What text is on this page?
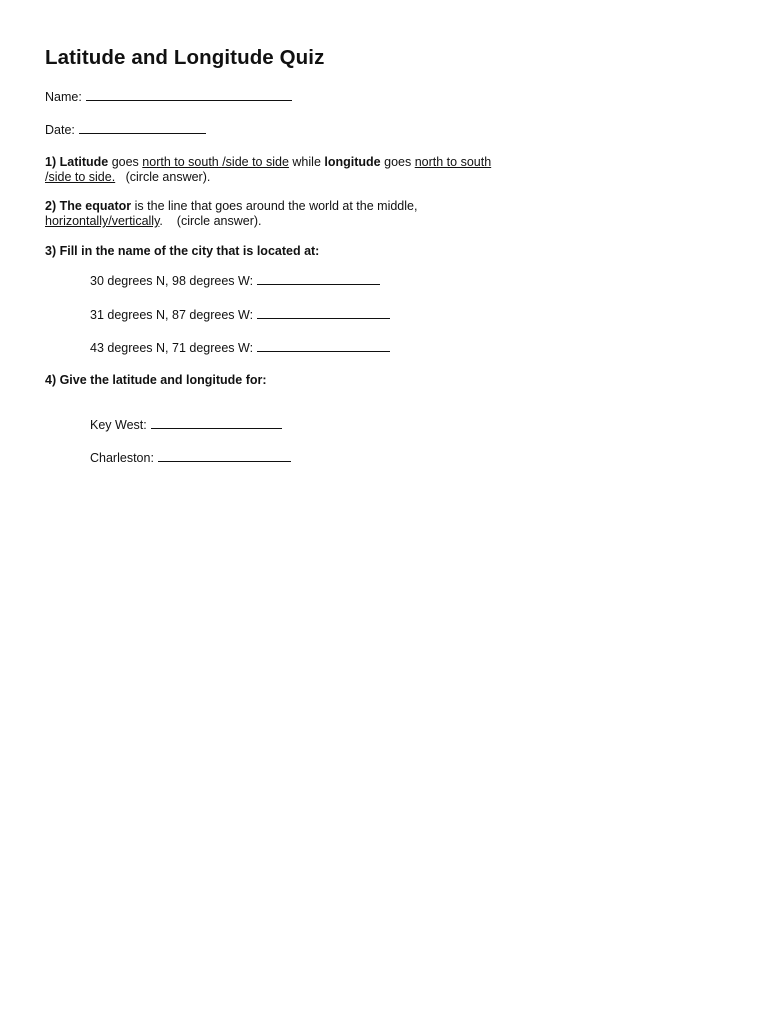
Latitude and Longitude Quiz
Name:
Date:
1) Latitude goes north to south /side to side while longitude goes north to south
/side to side. (circle answer).
2) The equator is the line that goes around the world at the middle,
horizontally/vertically. (circle answer).
3) Fill in the name of the city that is located at:
30 degrees N, 98 degrees W:
31 degrees N, 87 degrees W:
43 degrees N, 71 degrees W:
4) Give the latitude and longitude for:
Key West:
Charleston:
